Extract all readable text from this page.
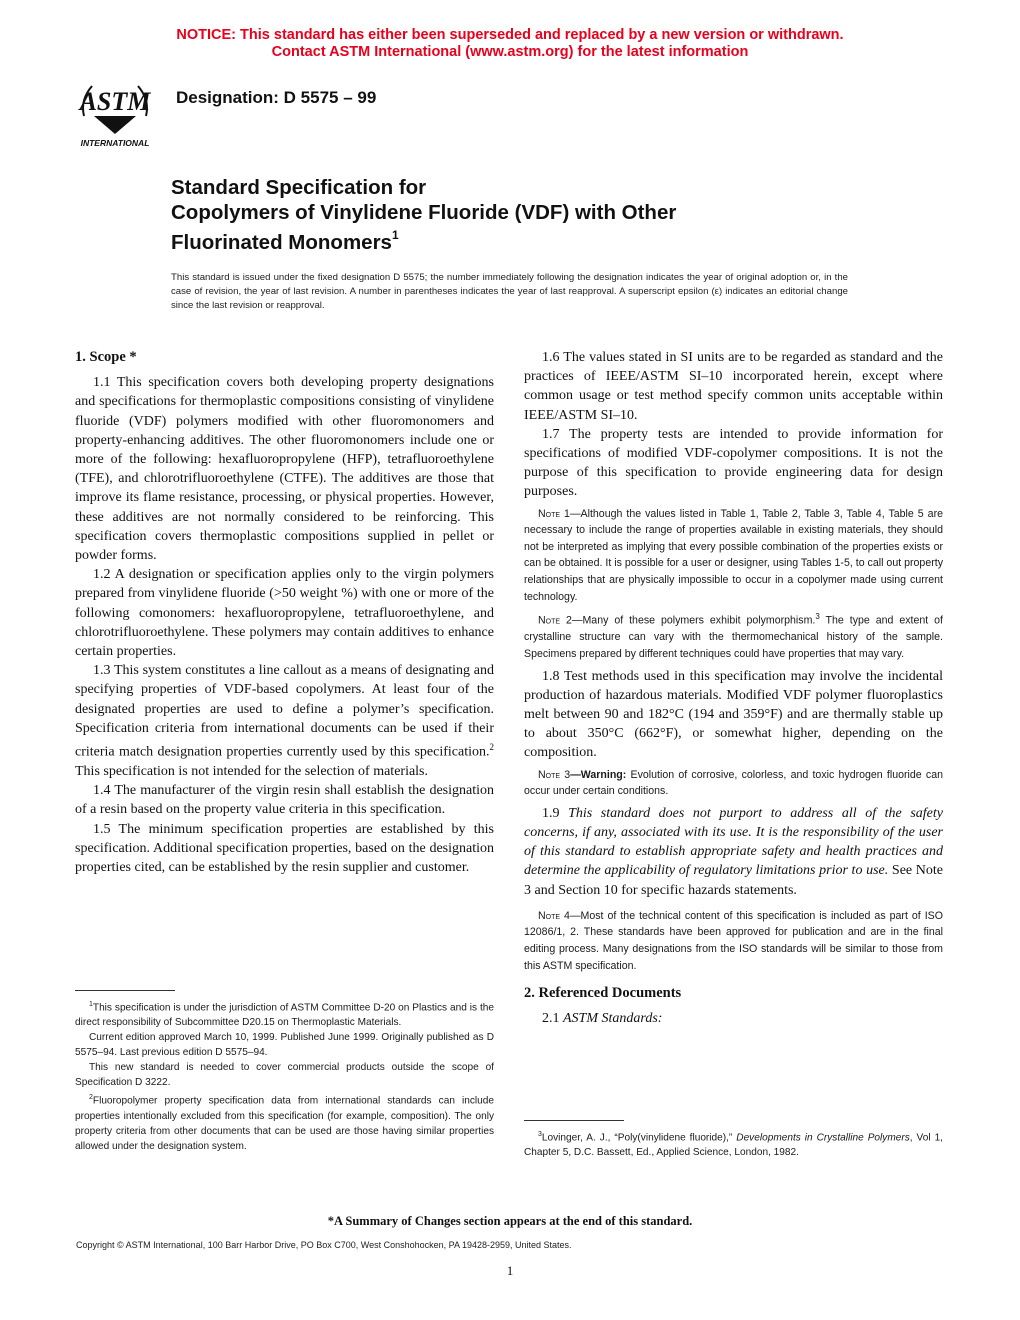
NOTICE: This standard has either been superseded and replaced by a new version or withdrawn.
Contact ASTM International (www.astm.org) for the latest information
ASTM
INTERNATIONAL
Designation: D 5575 – 99
Standard Specification for
Copolymers of Vinylidene Fluoride (VDF) with Other
Fluorinated Monomers$^1$
This standard is issued under the fixed designation D 5575; the number immediately following the designation indicates the year of original adoption or, in the case of revision, the year of last revision. A number in parentheses indicates the year of last reapproval. A superscript epsilon (ε) indicates an editorial change since the last revision or reapproval.
1. Scope *

1.1 This specification covers both developing property designations and specifications for thermoplastic compositions consisting of vinylidene fluoride (VDF) polymers modified with other fluoromonomers and property-enhancing additives. The other fluoromonomers include one or more of the following: hexafluoropropylene (HFP), tetrafluoroethylene (TFE), and chlorotrifluoroethylene (CTFE). The additives are those that improve its flame resistance, processing, or physical properties. However, these additives are not normally considered to be reinforcing. This specification covers thermoplastic compositions supplied in pellet or powder forms.

1.2 A designation or specification applies only to the virgin polymers prepared from vinylidene fluoride (>50 weight %) with one or more of the following comonomers: hexafluoropropylene, tetrafluoroethylene, and chlorotrifluoroethylene. These polymers may contain additives to enhance certain properties.

1.3 This system constitutes a line callout as a means of designating and specifying properties of VDF-based copolymers. At least four of the designated properties are used to define a polymer’s specification. Specification criteria from international documents can be used if their criteria match designation properties currently used by this specification.$^2$ This specification is not intended for the selection of materials.

1.4 The manufacturer of the virgin resin shall establish the designation of a resin based on the property value criteria in this specification.

1.5 The minimum specification properties are established by this specification. Additional specification properties, based on the designation properties cited, can be established by the resin supplier and customer.

$^1$This specification is under the jurisdiction of ASTM Committee D-20 on Plastics and is the direct responsibility of Subcommittee D20.15 on Thermoplastic Materials.

Current edition approved March 10, 1999. Published June 1999. Originally published as D 5575–94. Last previous edition D 5575–94.

This new standard is needed to cover commercial products outside the scope of Specification D 3222.

$^2$Fluoropolymer property specification data from international standards can include properties intentionally excluded from this specification (for example, composition). The only property criteria from other documents that can be used are those having similar properties allowed under the designation system.

1.6 The values stated in SI units are to be regarded as standard and the practices of IEEE/ASTM SI–10 incorporated herein, except where common usage or test method specify common units acceptable within IEEE/ASTM SI–10.

1.7 The property tests are intended to provide information for specifications of modified VDF-copolymer compositions. It is not the purpose of this specification to provide engineering data for design purposes.

Note 1—Although the values listed in Table 1, Table 2, Table 3, Table 4, Table 5 are necessary to include the range of properties available in existing materials, they should not be interpreted as implying that every possible combination of the properties exists or can be obtained. It is possible for a user or designer, using Tables 1-5, to call out property relationships that are physically impossible to occur in a copolymer made using current technology.

Note 2—Many of these polymers exhibit polymorphism.$^3$ The type and extent of crystalline structure can vary with the thermomechanical history of the sample. Specimens prepared by different techniques could have properties that may vary.

1.8 Test methods used in this specification may involve the incidental production of hazardous materials. Modified VDF polymer fluoroplastics melt between 90 and 182°C (194 and 359°F) and are thermally stable up to about 350°C (662°F), or somewhat higher, depending on the composition.

Note 3—Warning: Evolution of corrosive, colorless, and toxic hydrogen fluoride can occur under certain conditions.

1.9 This standard does not purport to address all of the safety concerns, if any, associated with its use. It is the responsibility of the user of this standard to establish appropriate safety and health practices and determine the applicability of regulatory limitations prior to use. See Note 3 and Section 10 for specific hazards statements.

Note 4—Most of the technical content of this specification is included as part of ISO 12086/1, 2. These standards have been approved for publication and are in the final editing process. Many designations from the ISO standards will be similar to those from this ASTM specification.

2. Referenced Documents

2.1 ASTM Standards:

$^3$Lovinger, A. J., “Poly(vinylidene fluoride),” Developments in Crystalline Polymers, Vol 1, Chapter 5, D.C. Bassett, Ed., Applied Science, London, 1982.

*A Summary of Changes section appears at the end of this standard.
Copyright © ASTM International, 100 Barr Harbor Drive, PO Box C700, West Conshohocken, PA 19428-2959, United States.
1
